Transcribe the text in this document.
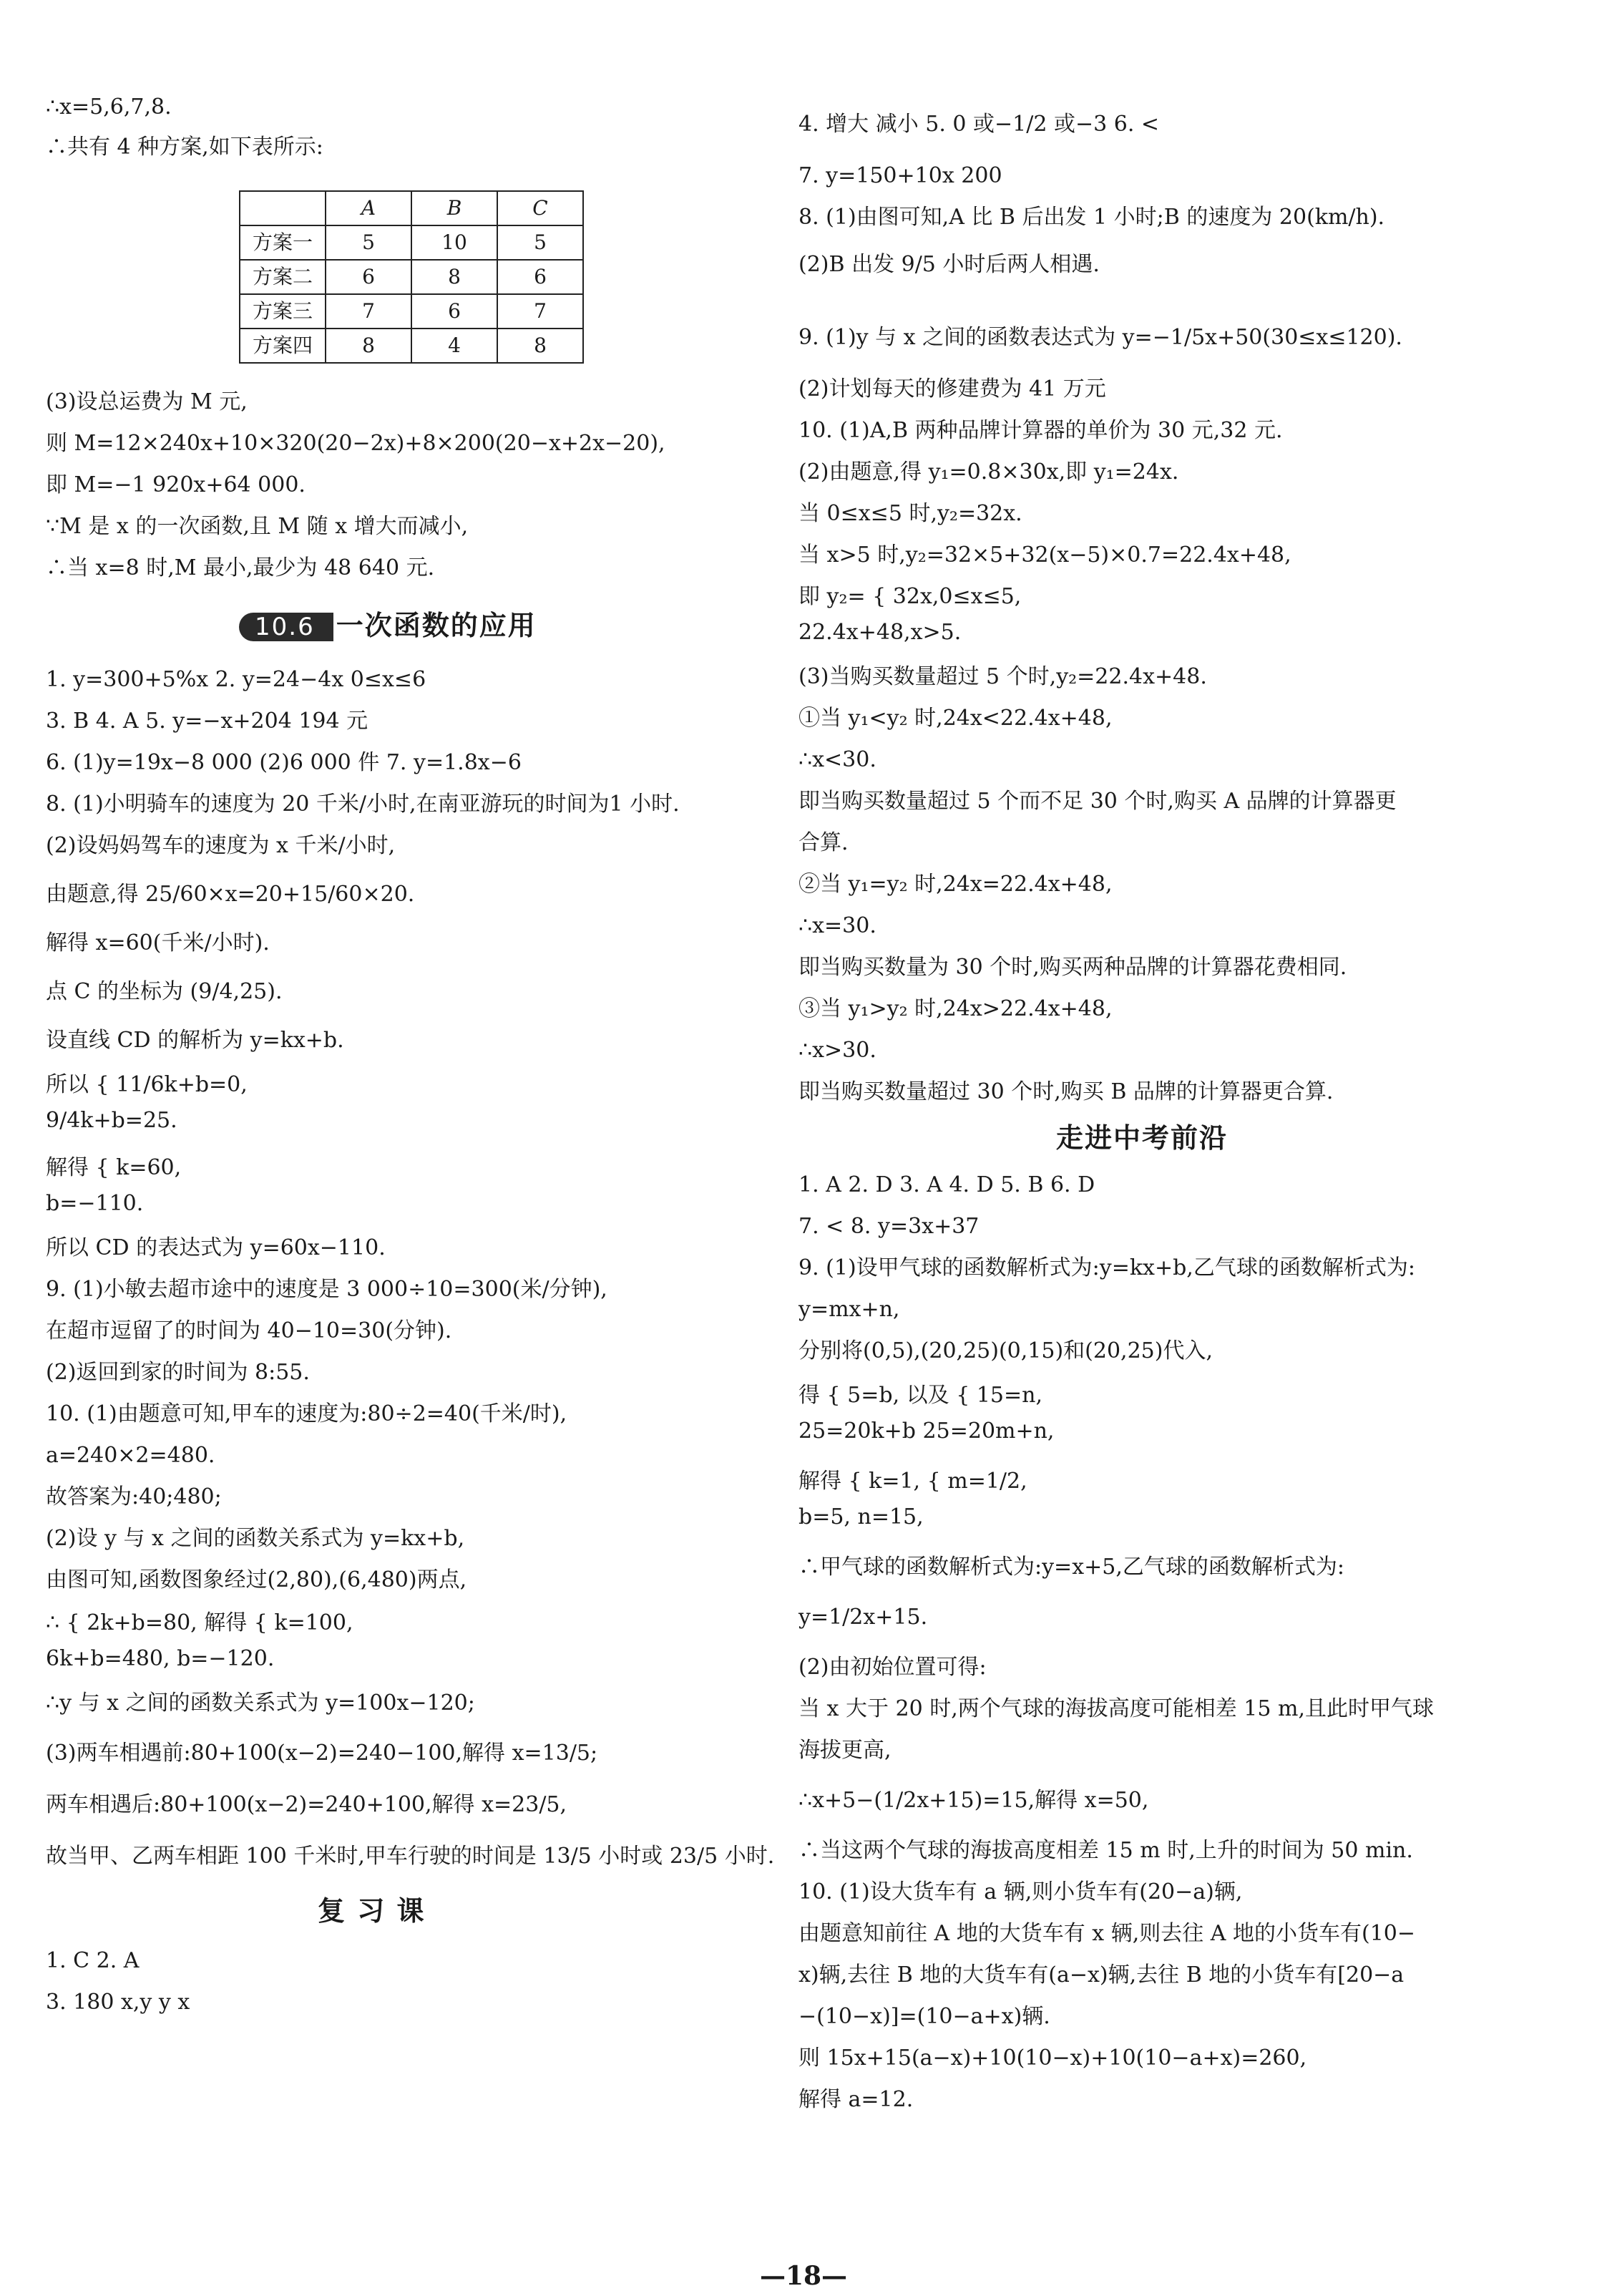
∴x=5,6,7,8.
∴共有 4 种方案,如下表所示:
	A	B	C
方案一	5	10	5
方案二	6	8	6
方案三	7	6	7
方案四	8	4	8
(3)设总运费为 M 元,
则 M=12×240x+10×320(20−2x)+8×200(20−x+2x−20),
即 M=−1 920x+64 000.
∵M 是 x 的一次函数,且 M 随 x 增大而减小,
∴当 x=8 时,M 最小,最少为 48 640 元.
10.6 一次函数的应用
1. y=300+5%x 2. y=24−4x 0≤x≤6
3. B 4. A 5. y=−x+204 194 元
6. (1)y=19x−8 000 (2)6 000 件 7. y=1.8x−6
8. (1)小明骑车的速度为 20 千米/小时,在南亚游玩的时间为1 小时.
(2)设妈妈驾车的速度为 x 千米/小时,
由题意,得 25/60×x=20+15/60×20.
解得 x=60(千米/小时).
点 C 的坐标为 (9/4,25).
设直线 CD 的解析为 y=kx+b.
所以 { 11/6k+b=0,
9/4k+b=25.
解得 { k=60,
b=−110.
所以 CD 的表达式为 y=60x−110.
9. (1)小敏去超市途中的速度是 3 000÷10=300(米/分钟),
在超市逗留了的时间为 40−10=30(分钟).
(2)返回到家的时间为 8:55.
10. (1)由题意可知,甲车的速度为:80÷2=40(千米/时),
a=240×2=480.
故答案为:40;480;
(2)设 y 与 x 之间的函数关系式为 y=kx+b,
由图可知,函数图象经过(2,80),(6,480)两点,
∴ { 2k+b=80, 解得 { k=100,
6k+b=480, b=−120.
∴y 与 x 之间的函数关系式为 y=100x−120;
(3)两车相遇前:80+100(x−2)=240−100,解得 x=13/5;
两车相遇后:80+100(x−2)=240+100,解得 x=23/5,
故当甲、乙两车相距 100 千米时,甲车行驶的时间是 13/5 小时或 23/5 小时.
复 习 课
1. C 2. A
3. 180 x,y y x
4. 增大 减小 5. 0 或−1/2 或−3 6. <
7. y=150+10x 200
8. (1)由图可知,A 比 B 后出发 1 小时;B 的速度为 20(km/h).
(2)B 出发 9/5 小时后两人相遇.
9. (1)y 与 x 之间的函数表达式为 y=−1/5x+50(30≤x≤120).
(2)计划每天的修建费为 41 万元
10. (1)A,B 两种品牌计算器的单价为 30 元,32 元.
(2)由题意,得 y₁=0.8×30x,即 y₁=24x.
当 0≤x≤5 时,y₂=32x.
当 x>5 时,y₂=32×5+32(x−5)×0.7=22.4x+48,
即 y₂= { 32x,0≤x≤5,
22.4x+48,x>5.
(3)当购买数量超过 5 个时,y₂=22.4x+48.
①当 y₁<y₂ 时,24x<22.4x+48,
∴x<30.
即当购买数量超过 5 个而不足 30 个时,购买 A 品牌的计算器更
合算.
②当 y₁=y₂ 时,24x=22.4x+48,
∴x=30.
即当购买数量为 30 个时,购买两种品牌的计算器花费相同.
③当 y₁>y₂ 时,24x>22.4x+48,
∴x>30.
即当购买数量超过 30 个时,购买 B 品牌的计算器更合算.
走进中考前沿
1. A 2. D 3. A 4. D 5. B 6. D
7. < 8. y=3x+37
9. (1)设甲气球的函数解析式为:y=kx+b,乙气球的函数解析式为:
y=mx+n,
分别将(0,5),(20,25)(0,15)和(20,25)代入,
得 { 5=b, 以及 { 15=n,
25=20k+b 25=20m+n,
解得 { k=1, { m=1/2,
b=5, n=15,
∴甲气球的函数解析式为:y=x+5,乙气球的函数解析式为:
y=1/2x+15.
(2)由初始位置可得:
当 x 大于 20 时,两个气球的海拔高度可能相差 15 m,且此时甲气球
海拔更高,
∴x+5−(1/2x+15)=15,解得 x=50,
∴当这两个气球的海拔高度相差 15 m 时,上升的时间为 50 min.
10. (1)设大货车有 a 辆,则小货车有(20−a)辆,
由题意知前往 A 地的大货车有 x 辆,则去往 A 地的小货车有(10−
x)辆,去往 B 地的大货车有(a−x)辆,去往 B 地的小货车有[20−a
−(10−x)]=(10−a+x)辆.
则 15x+15(a−x)+10(10−x)+10(10−a+x)=260,
解得 a=12.
—18—
